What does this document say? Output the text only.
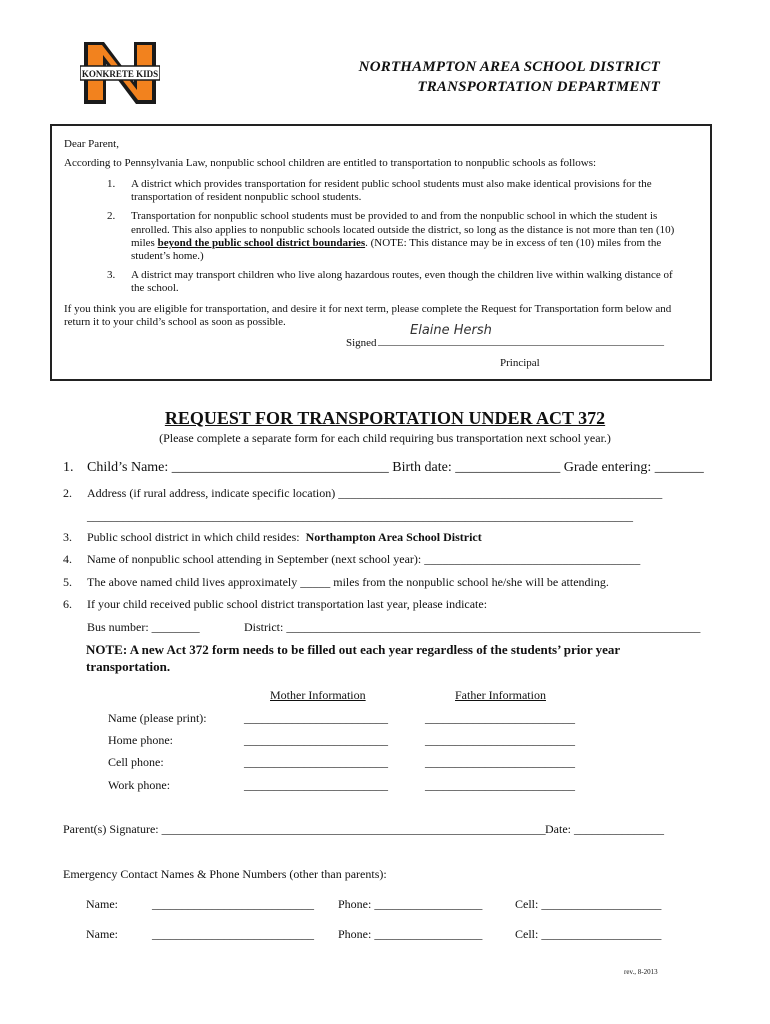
KONKRETE KIDS	NORTHAMPTON AREA SCHOOL DISTRICT
TRANSPORTATION DEPARTMENT
Dear Parent,
According to Pennsylvania Law, nonpublic school children are entitled to transportation to nonpublic schools as follows:
1. A district which provides transportation for resident public school students must also make identical provisions for the
transportation of resident nonpublic school students.
2. Transportation for nonpublic school students must be provided to and from the nonpublic school in which the student is
enrolled. This also applies to nonpublic schools located outside the district, so long as the distance is not more than ten (10)
miles beyond the public school district boundaries. (NOTE: This distance may be in excess of ten (10) miles from the
student’s home.)
3. A district may transport children who live along hazardous routes, even though the children live within walking distance of
the school.
If you think you are eligible for transportation, and desire it for next term, please complete the Request for Transportation form below and
return it to your child’s school as soon as possible.
Elaine Hersh
Signed ____________________________________________________
Principal
REQUEST FOR TRANSPORTATION UNDER ACT 372
(Please complete a separate form for each child requiring bus transportation next school year.)
1. Child’s Name: _______________________________ Birth date: _______________ Grade entering: _______
2. Address (if rural address, indicate specific location) ______________________________________________________
___________________________________________________________________________________________
3. Public school district in which child resides: Northampton Area School District
4. Name of nonpublic school attending in September (next school year): ____________________________________
5. The above named child lives approximately _____ miles from the nonpublic school he/she will be attending.
6. If your child received public school district transportation last year, please indicate:
Bus number: ________	District: _____________________________________________________________________
NOTE: A new Act 372 form needs to be filled out each year regardless of the students’ prior year
transportation.
Mother Information	Father Information
Name (please print):	________________________	_________________________
Home phone:	________________________	_________________________
Cell phone:	________________________	_________________________
Work phone:	________________________	_________________________
Parent(s) Signature: ________________________________________________________________ Date: _______________
Emergency Contact Names & Phone Numbers (other than parents):
Name:	___________________________ Phone: __________________	Cell: ____________________
Name:	___________________________ Phone: __________________	Cell: ____________________
rev., 8-2013
